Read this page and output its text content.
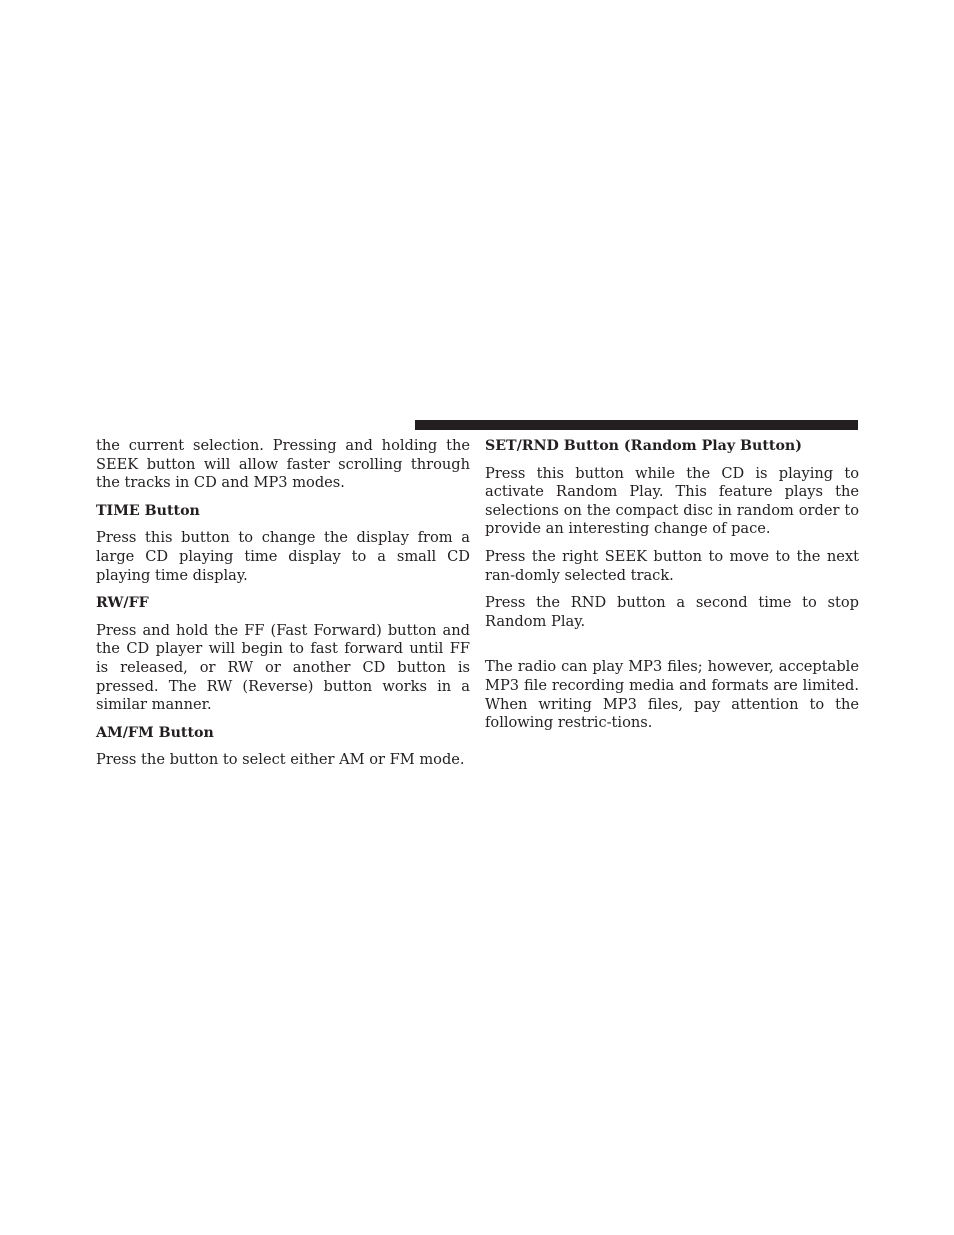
the current selection. Pressing and holding the SEEK button will allow faster scrolling through the tracks in CD and MP3 modes.

TIME Button

Press this button to change the display from a large CD playing time display to a small CD playing time display.

RW/FF

Press and hold the FF (Fast Forward) button and the CD player will begin to fast forward until FF is released, or RW or another CD button is pressed. The RW (Reverse) button works in a similar manner.

AM/FM Button

Press the button to select either AM or FM mode.

SET/RND Button (Random Play Button)

Press this button while the CD is playing to activate Random Play. This feature plays the selections on the compact disc in random order to provide an interesting change of pace.

Press the right SEEK button to move to the next ran-domly selected track.

Press the RND button a second time to stop Random Play.

The radio can play MP3 files; however, acceptable MP3 file recording media and formats are limited. When writing MP3 files, pay attention to the following restric-tions.
